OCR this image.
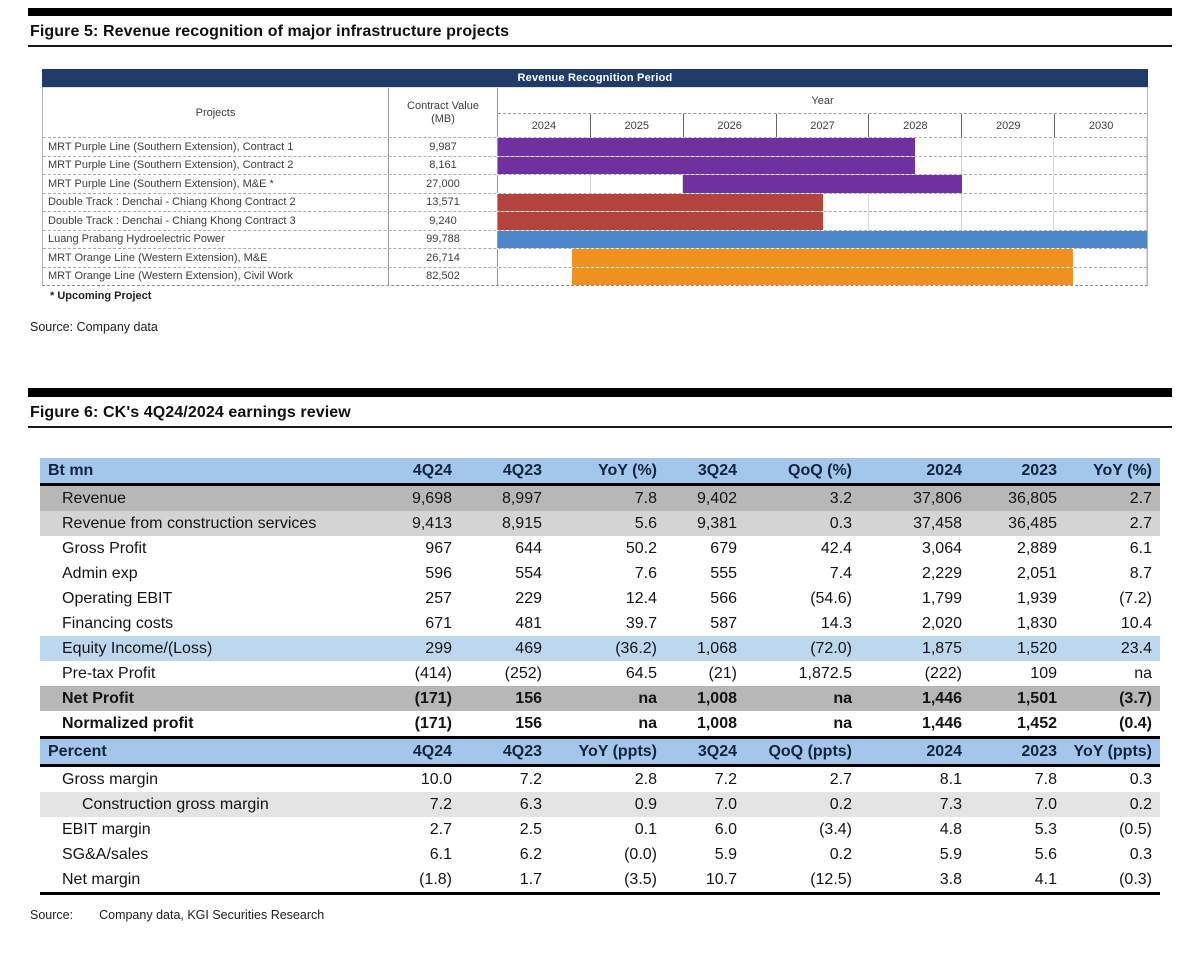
Figure 5: Revenue recognition of major infrastructure projects
Revenue Recognition Period
Projects
Contract Value
(MB)
Year
2024	2025	2026	2027	2028	2029	2030
MRT Purple Line (Southern Extension), Contract 1	9,987
MRT Purple Line (Southern Extension), Contract 2	8,161
MRT Purple Line (Southern Extension), M&E *	27,000
Double Track : Denchai - Chiang Khong Contract 2	13,571
Double Track : Denchai - Chiang Khong Contract 3	9,240
Luang Prabang Hydroelectric Power	99,788
MRT Orange Line (Western Extension), M&E	26,714
MRT Orange Line (Western Extension), Civil Work	82,502
* Upcoming Project
Source: Company data
Figure 6: CK's 4Q24/2024 earnings review
Bt mn	4Q24	4Q23	YoY (%)	3Q24	QoQ (%)	2024	2023	YoY (%)
Revenue	9,698	8,997	7.8	9,402	3.2	37,806	36,805	2.7
Revenue from construction services	9,413	8,915	5.6	9,381	0.3	37,458	36,485	2.7
Gross Profit	967	644	50.2	679	42.4	3,064	2,889	6.1
Admin exp	596	554	7.6	555	7.4	2,229	2,051	8.7
Operating EBIT	257	229	12.4	566	(54.6)	1,799	1,939	(7.2)
Financing costs	671	481	39.7	587	14.3	2,020	1,830	10.4
Equity Income/(Loss)	299	469	(36.2)	1,068	(72.0)	1,875	1,520	23.4
Pre-tax Profit	(414)	(252)	64.5	(21)	1,872.5	(222)	109	na
Net Profit	(171)	156	na	1,008	na	1,446	1,501	(3.7)
Normalized profit	(171)	156	na	1,008	na	1,446	1,452	(0.4)
Percent	4Q24	4Q23	YoY (ppts)	3Q24	QoQ (ppts)	2024	2023	YoY (ppts)
Gross margin	10.0	7.2	2.8	7.2	2.7	8.1	7.8	0.3
Construction gross margin	7.2	6.3	0.9	7.0	0.2	7.3	7.0	0.2
EBIT margin	2.7	2.5	0.1	6.0	(3.4)	4.8	5.3	(0.5)
SG&A/sales	6.1	6.2	(0.0)	5.9	0.2	5.9	5.6	0.3
Net margin	(1.8)	1.7	(3.5)	10.7	(12.5)	3.8	4.1	(0.3)
Source: Company data, KGI Securities Research
